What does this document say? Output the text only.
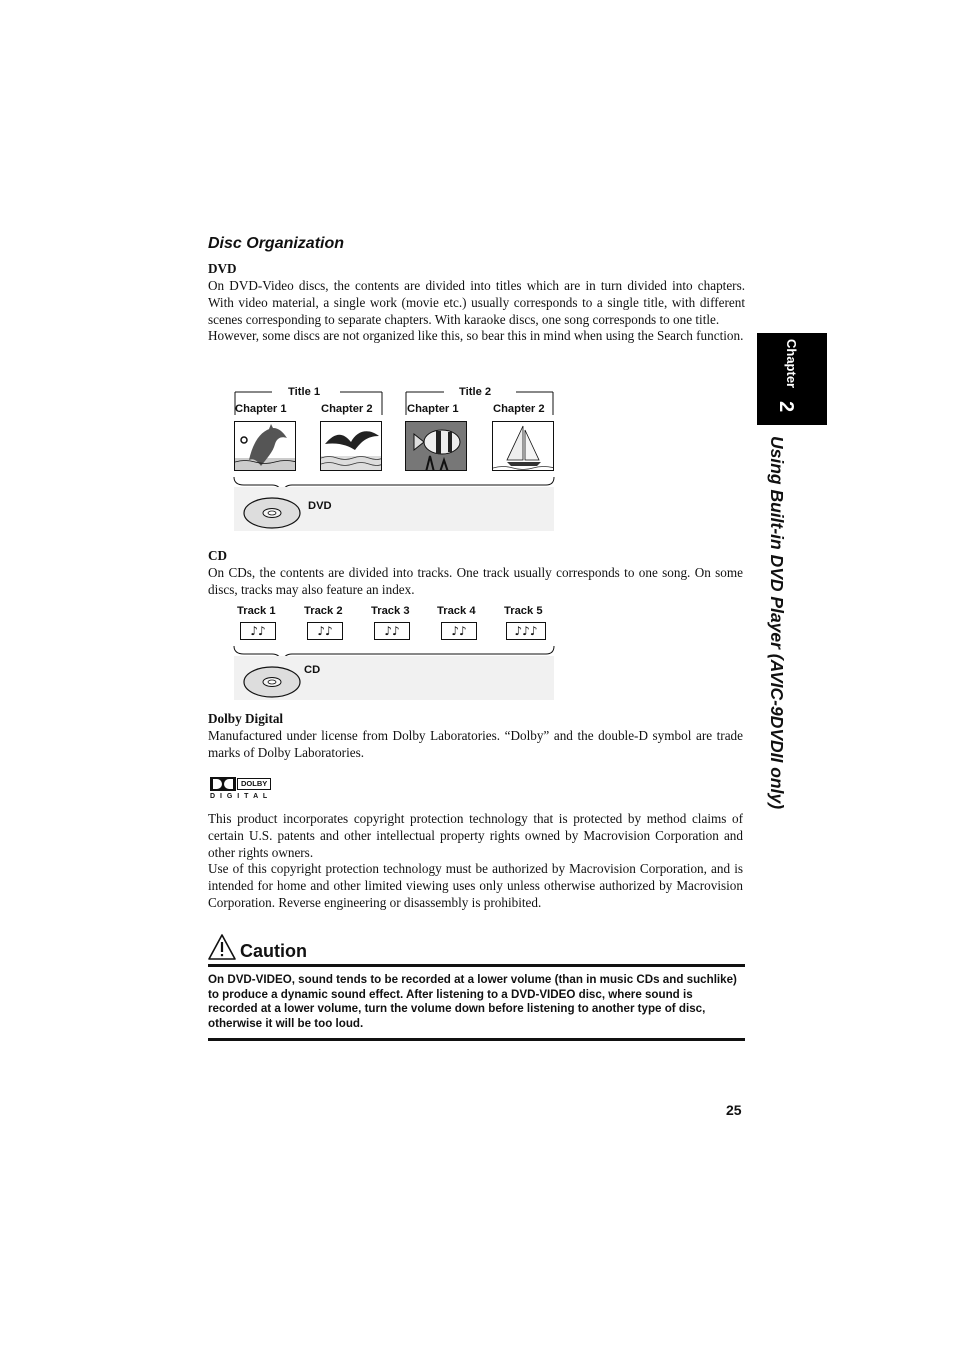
Disc Organization
DVD

On DVD-Video discs, the contents are divided into titles which are in turn divided into chapters. With video material, a single work (movie etc.) usually corresponds to a single title, with different scenes corresponding to separate chapters. With karaoke discs, one song corresponds to one title.

However, some discs are not organized like this, so bear this in mind when using the Search function.

Title 1	Title 2
Chapter 1	Chapter 2	Chapter 1	Chapter 2
DVD
CD

On CDs, the contents are divided into tracks. One track usually corresponds to one song. On some discs, tracks may also feature an index.

Track 1	Track 2	Track 3 Track 4	Track 5
♪♪	♪♪	♪♪	♪♪	♪♪♪
CD
Dolby Digital

Manufactured under license from Dolby Laboratories. “Dolby” and the double-D symbol are trade marks of Dolby Laboratories.

DOLBY
D I G I T A L

This product incorporates copyright protection technology that is protected by method claims of certain U.S. patents and other intellectual property rights owned by Macrovision Corporation and other rights owners.

Use of this copyright protection technology must be authorized by Macrovision Corporation, and is intended for home and other limited viewing uses only unless otherwise authorized by Macrovision Corporation. Reverse engineering or disassembly is prohibited.

Caution

On DVD-VIDEO, sound tends to be recorded at a lower volume (than in music CDs and suchlike) to produce a dynamic sound effect. After listening to a DVD-VIDEO disc, where sound is recorded at a lower volume, turn the volume down before listening to another type of disc, otherwise it will be too loud.

25
Chapter
2
Using Built-in DVD Player (AVIC-9DVDII only)
